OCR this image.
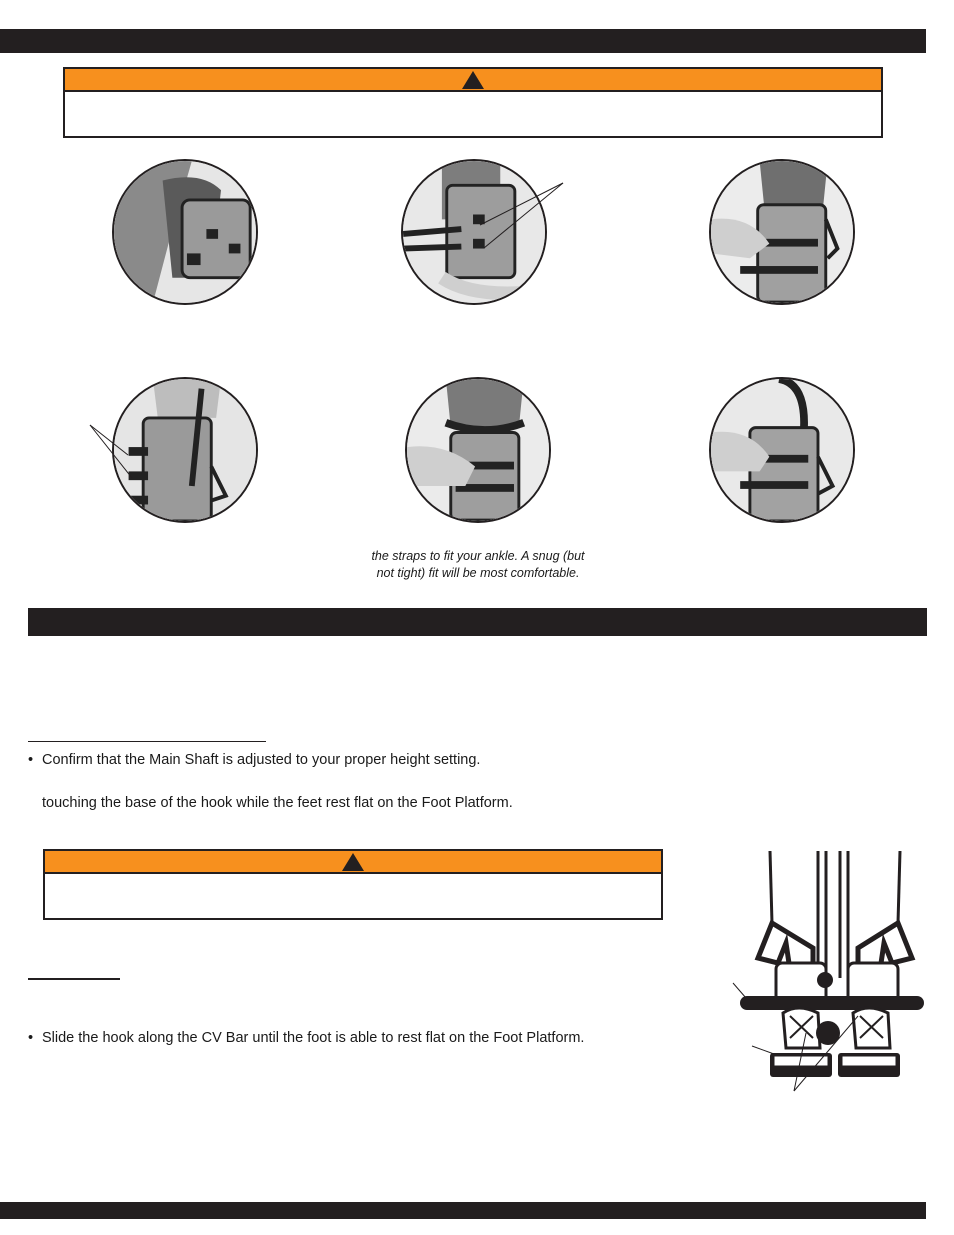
the straps to fit your ankle. A snug (but
not tight) fit will be most comfortable.
• Confirm that the Main Shaft is adjusted to your proper height setting.
touching the base of the hook while the feet rest flat on the Foot Platform.
• Slide the hook along the CV Bar until the foot is able to rest flat on the Foot Platform.
